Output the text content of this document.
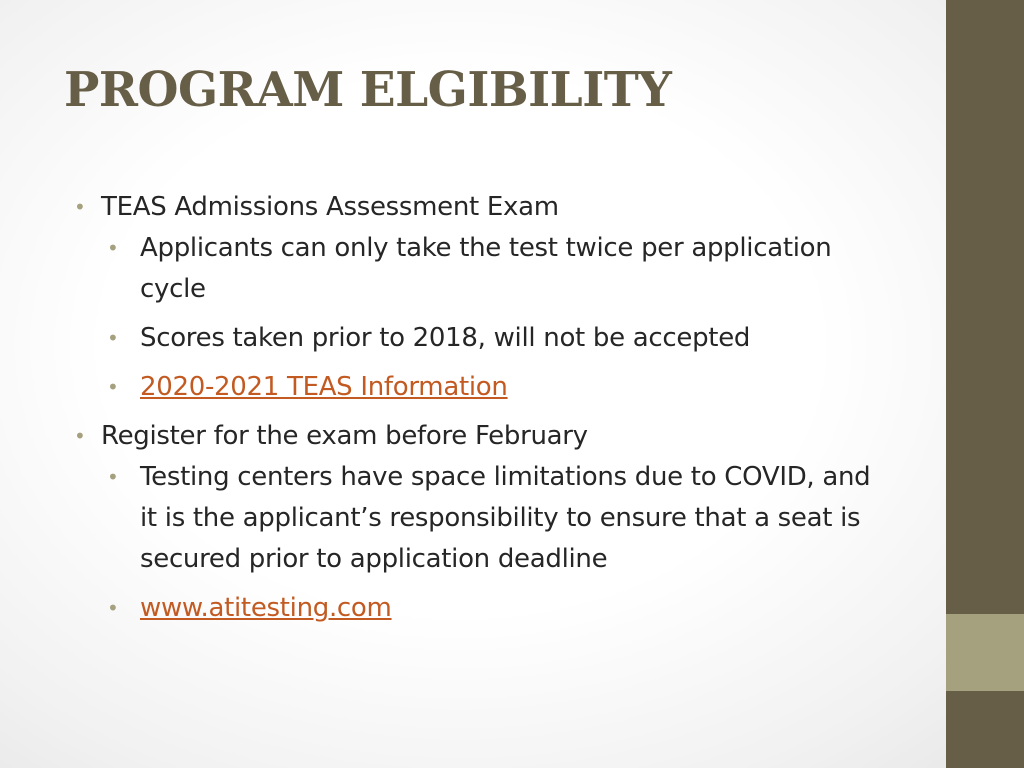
PROGRAM ELGIBILITY
• TEAS Admissions Assessment Exam
• Applicants can only take the test twice per application cycle
• Scores taken prior to 2018, will not be accepted
• 2020-2021 TEAS Information
• Register for the exam before February
• Testing centers have space limitations due to COVID, and it is the applicant’s responsibility to ensure that a seat is secured prior to application deadline
• www.atitesting.com
